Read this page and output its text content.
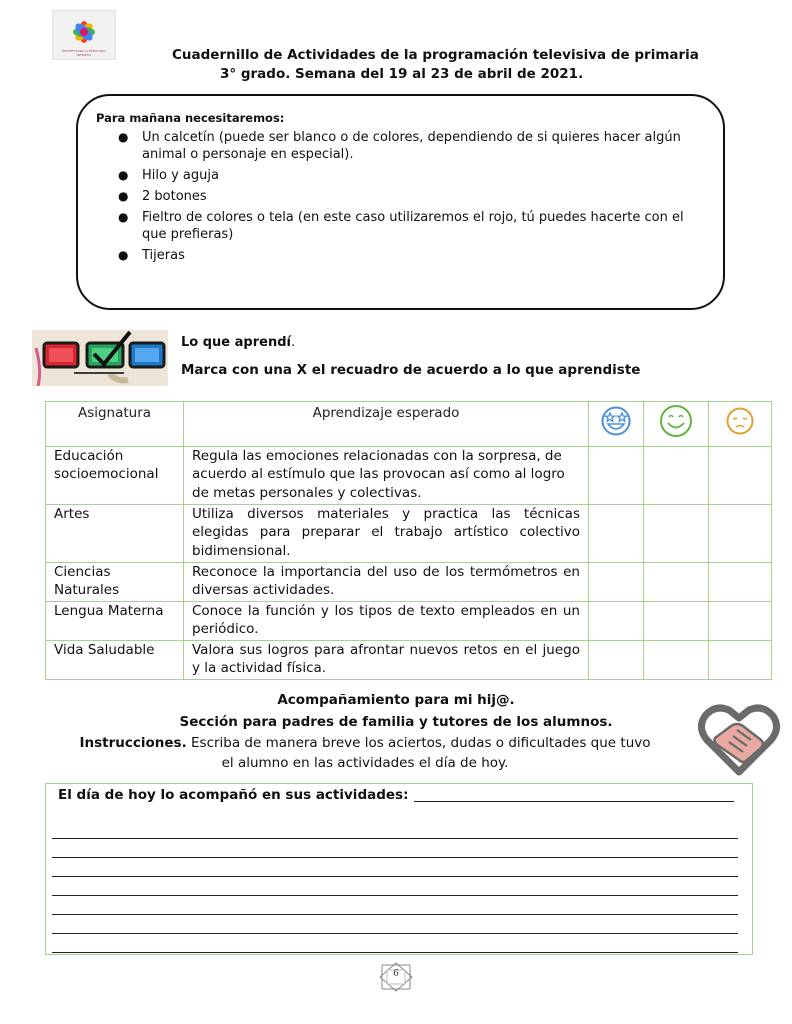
PROFESTORA LITERATURA INFANTIL	Cuadernillo de Actividades de la programación televisiva de primaria
3° grado. Semana del 19 al 23 de abril de 2021.
Para mañana necesitaremos:
● Un calcetín (puede ser blanco o de colores, dependiendo de si quieres hacer algún animal o personaje en especial).
● Hilo y aguja
● 2 botones
● Fieltro de colores o tela (en este caso utilizaremos el rojo, tú puedes hacerte con el que prefieras)
● Tijeras
Lo que aprendí.
Marca con una X el recuadro de acuerdo a lo que aprendiste
Asignatura	Aprendizaje esperado			
Educación socioemocional	Regula las emociones relacionadas con la sorpresa, de acuerdo al estímulo que las provocan así como al logro de metas personales y colectivas.			
Artes	Utiliza diversos materiales y practica las técnicas elegidas para preparar el trabajo artístico colectivo bidimensional.			
Ciencias Naturales	Reconoce la importancia del uso de los termómetros en diversas actividades.			
Lengua Materna	Conoce la función y los tipos de texto empleados en un periódico.			
Vida Saludable	Valora sus logros para afrontar nuevos retos en el juego y la actividad física.			
Acompañamiento para mi hij@.
Sección para padres de familia y tutores de los alumnos.
Instrucciones. Escriba de manera breve los aciertos, dudas o dificultades que tuvo
el alumno en las actividades el día de hoy.
El día de hoy lo acompañó en sus actividades:
6
